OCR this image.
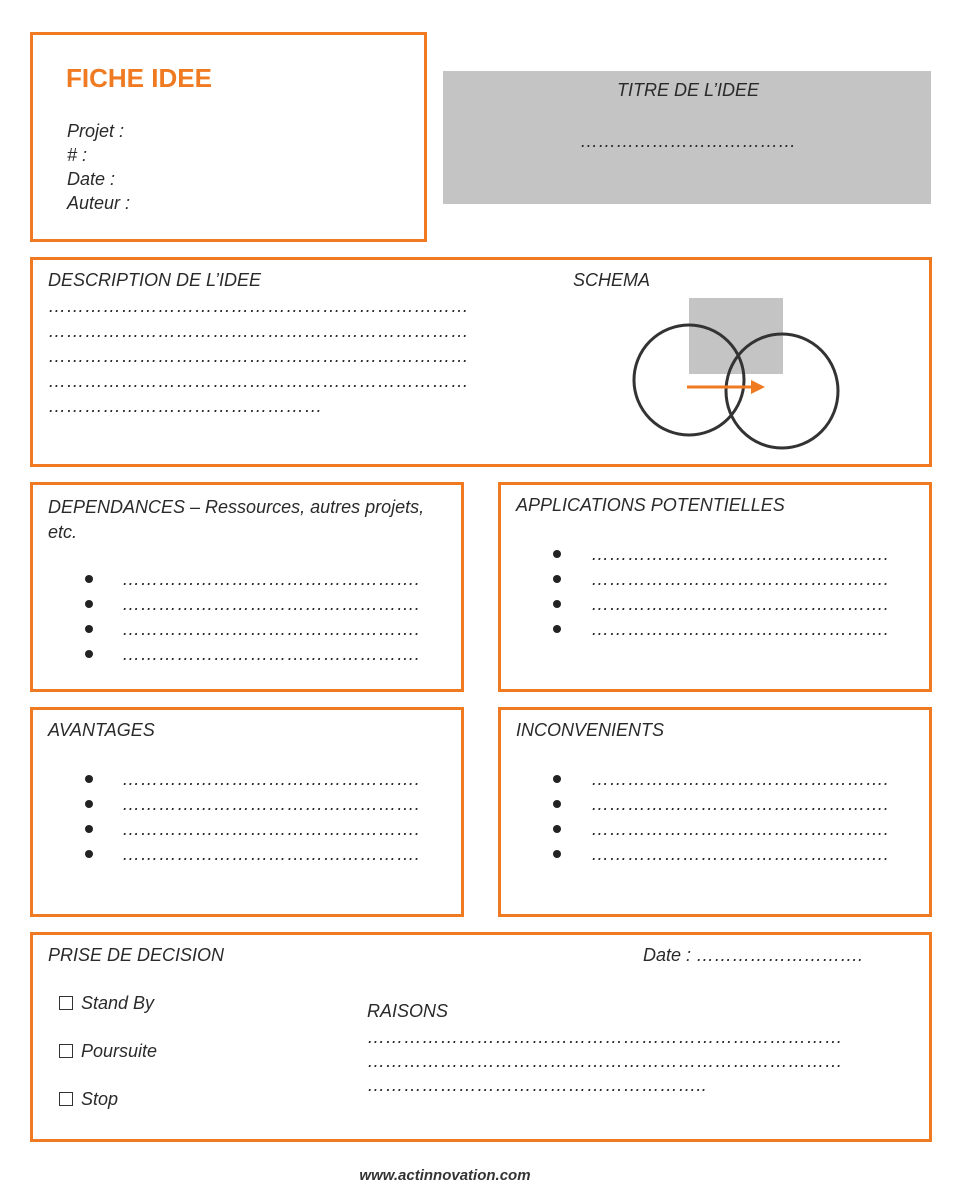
FICHE IDEE
Projet :
# :
Date :
Auteur :
TITRE DE L’IDEE
………………………………
DESCRIPTION DE L’IDEE
……………………………………………………………
……………………………………………………………
……………………………………………………………
……………………………………………………………
………………………………………
SCHEMA
DEPENDANCES – Ressources, autres projets, etc.
………………………………………….
………………………………………….
………………………………………….
………………………………………….
APPLICATIONS POTENTIELLES
………………………………………….
………………………………………….
………………………………………….
………………………………………….
AVANTAGES
………………………………………….
………………………………………….
………………………………………….
………………………………………….
INCONVENIENTS
………………………………………….
………………………………………….
………………………………………….
………………………………………….
PRISE DE DECISION	Date : ……………………….
Stand By
Poursuite
Stop
RAISONS
……………………………………………………………………
……………………………………………………………………
………………………………………………..
www.actinnovation.com
